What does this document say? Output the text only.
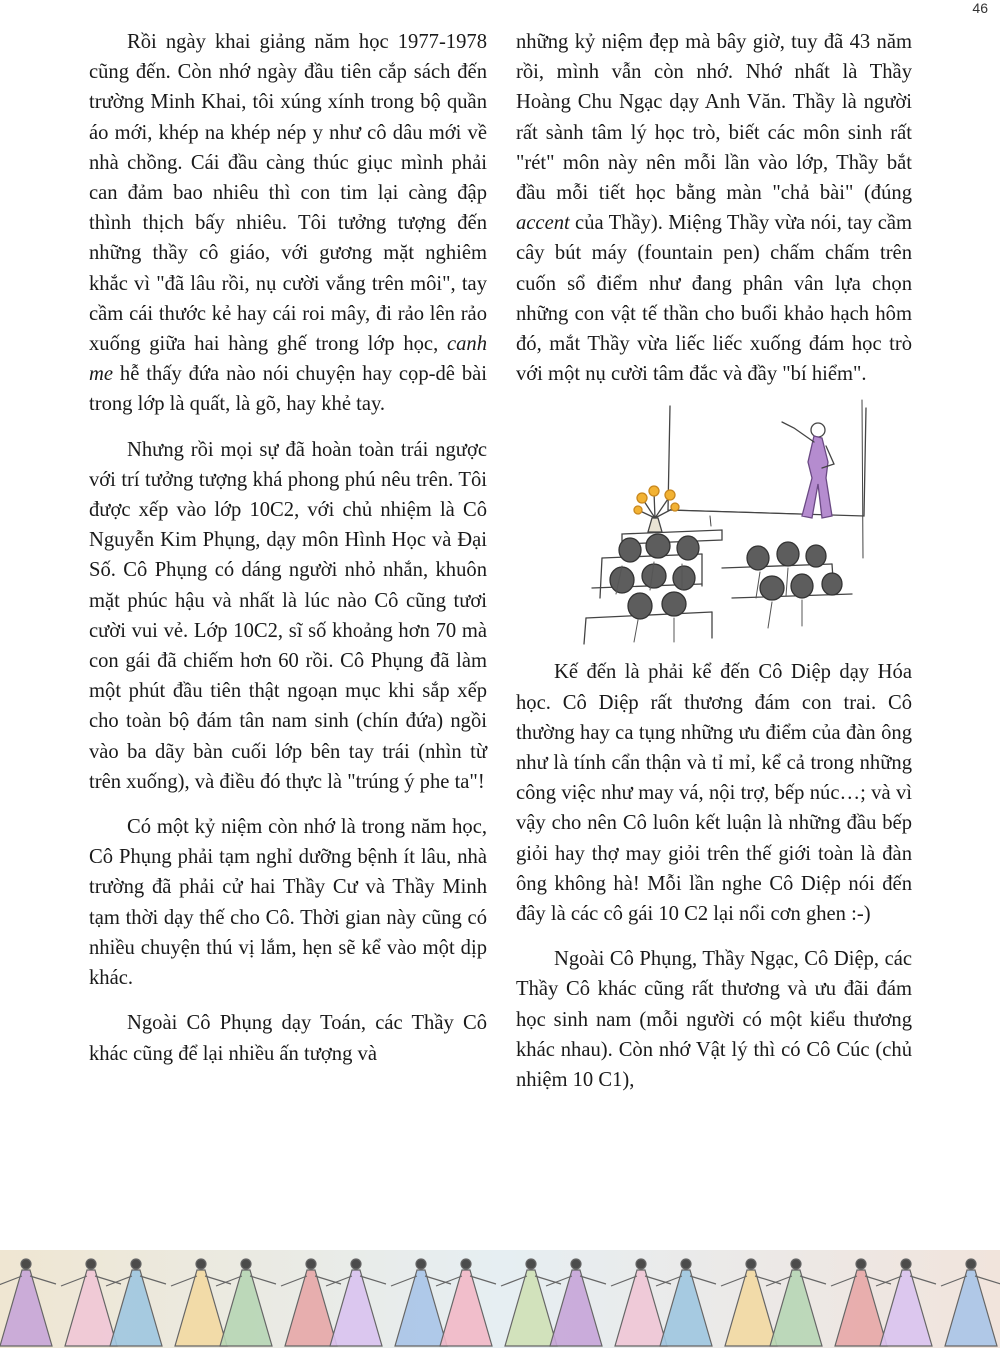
46

Rồi ngày khai giảng năm học 1977-1978 cũng đến. Còn nhớ ngày đầu tiên cắp sách đến trường Minh Khai, tôi xúng xính trong bộ quần áo mới, khép na khép nép y như cô dâu mới về nhà chồng. Cái đầu càng thúc giục mình phải can đảm bao nhiêu thì con tim lại càng đập thình thịch bấy nhiêu. Tôi tưởng tượng đến những thầy cô giáo, với gương mặt nghiêm khắc vì "đã lâu rồi, nụ cười vắng trên môi", tay cầm cái thước kẻ hay cái roi mây, đi rảo lên rảo xuống giữa hai hàng ghế trong lớp học, canh me hễ thấy đứa nào nói chuyện hay cọp-dê bài trong lớp là quất, là gõ, hay khẻ tay.

Nhưng rồi mọi sự đã hoàn toàn trái ngược với trí tưởng tượng khá phong phú nêu trên. Tôi được xếp vào lớp 10C2, với chủ nhiệm là Cô Nguyễn Kim Phụng, dạy môn Hình Học và Đại Số. Cô Phụng có dáng người nhỏ nhắn, khuôn mặt phúc hậu và nhất là lúc nào Cô cũng tươi cười vui vẻ. Lớp 10C2, sĩ số khoảng hơn 70 mà con gái đã chiếm hơn 60 rồi. Cô Phụng đã làm một phút đầu tiên thật ngoạn mục khi sắp xếp cho toàn bộ đám tân nam sinh (chín đứa) ngồi vào ba dãy bàn cuối lớp bên tay trái (nhìn từ trên xuống), và điều đó thực là "trúng ý phe ta"!

Có một kỷ niệm còn nhớ là trong năm học, Cô Phụng phải tạm nghỉ dưỡng bệnh ít lâu, nhà trường đã phải cử hai Thầy Cư và Thầy Minh tạm thời dạy thế cho Cô. Thời gian này cũng có nhiều chuyện thú vị lắm, hẹn sẽ kể vào một dịp khác.

Ngoài Cô Phụng dạy Toán, các Thầy Cô khác cũng để lại nhiều ấn tượng và

những kỷ niệm đẹp mà bây giờ, tuy đã 43 năm rồi, mình vẫn còn nhớ. Nhớ nhất là Thầy Hoàng Chu Ngạc dạy Anh Văn. Thầy là người rất sành tâm lý học trò, biết các môn sinh rất "rét" môn này nên mỗi lần vào lớp, Thầy bắt đầu mỗi tiết học bằng màn "chả bài" (đúng accent của Thầy). Miệng Thầy vừa nói, tay cầm cây bút máy (fountain pen) chấm chấm trên cuốn sổ điểm như đang phân vân lựa chọn những con vật tế thần cho buổi khảo hạch hôm đó, mắt Thầy vừa liếc liếc xuống đám học trò với một nụ cười tâm đắc và đầy "bí hiểm".

Kế đến là phải kể đến Cô Diệp dạy Hóa học. Cô Diệp rất thương đám con trai. Cô thường hay ca tụng những ưu điểm của đàn ông như là tính cẩn thận và tỉ mỉ, kể cả trong những công việc như may vá, nội trợ, bếp núc…; và vì vậy cho nên Cô luôn kết luận là những đầu bếp giỏi hay thợ may giỏi trên thế giới toàn là đàn ông không hà! Mỗi lần nghe Cô Diệp nói đến đây là các cô gái 10 C2 lại nổi cơn ghen :-)

Ngoài Cô Phụng, Thầy Ngạc, Cô Diệp, các Thầy Cô khác cũng rất thương và ưu đãi đám học sinh nam (mỗi người có một kiểu thương khác nhau). Còn nhớ Vật lý thì có Cô Cúc (chủ nhiệm 10 C1),
